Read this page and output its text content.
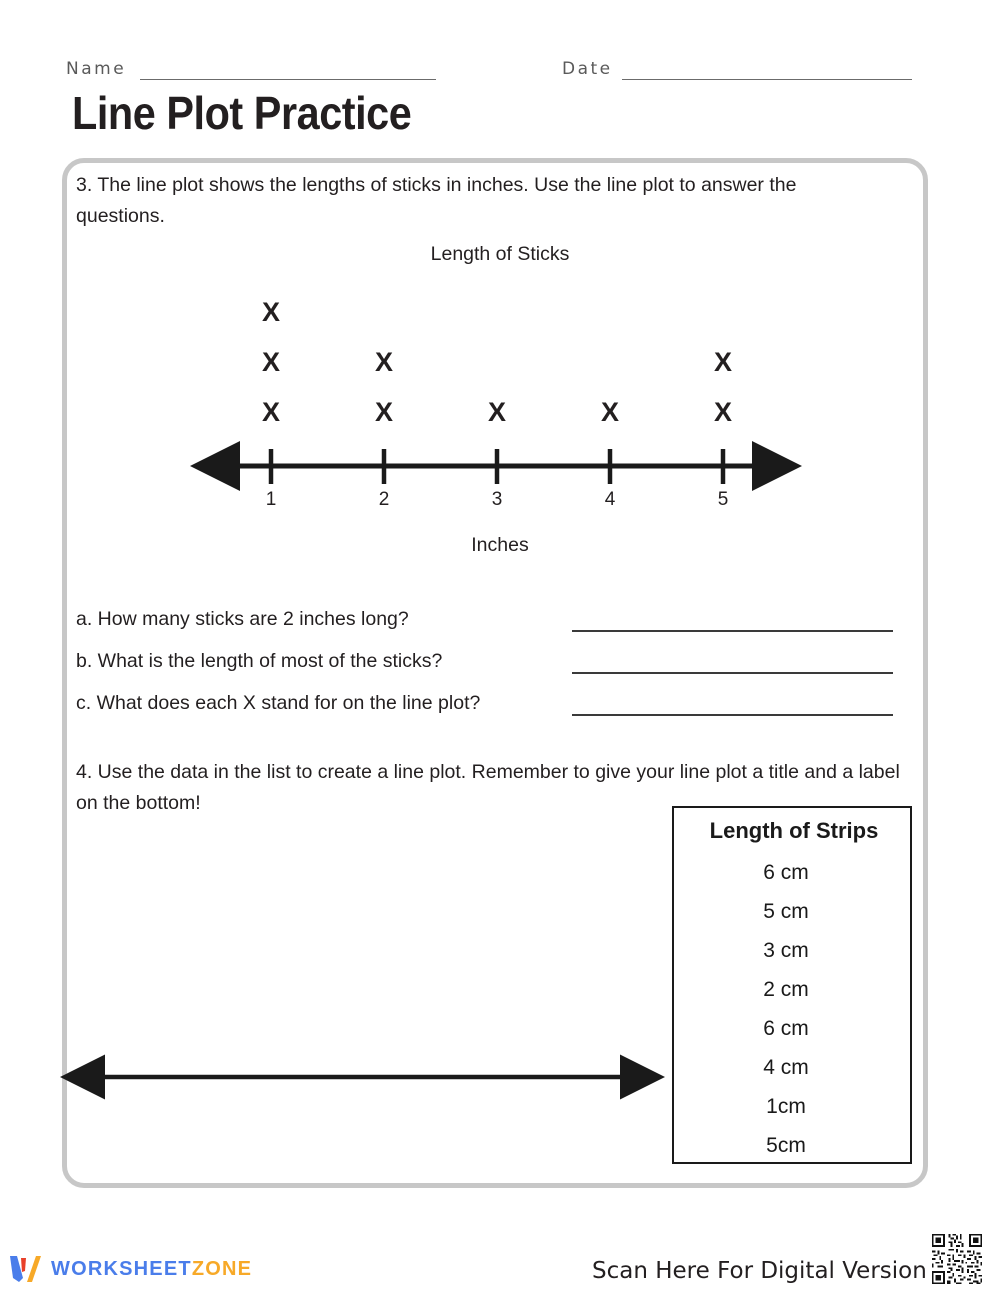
Name	Date
Line Plot Practice
3. The line plot shows the lengths of sticks in inches. Use the line plot to answer the questions.
Length of Sticks
X
X
X
X
X	X	X
X
X
1	2	3	4	5
Inches
a. How many sticks are 2 inches long?
b. What is the length of most of the sticks?
c. What does each X stand for on the line plot?
4. Use the data in the list to create a line plot. Remember to give your line plot a title and a label on the bottom!
Length of Strips
6 cm
5 cm
3 cm
2 cm
6 cm
4 cm
1cm
5cm
WORKSHEETZONE	Scan Here For Digital Version
